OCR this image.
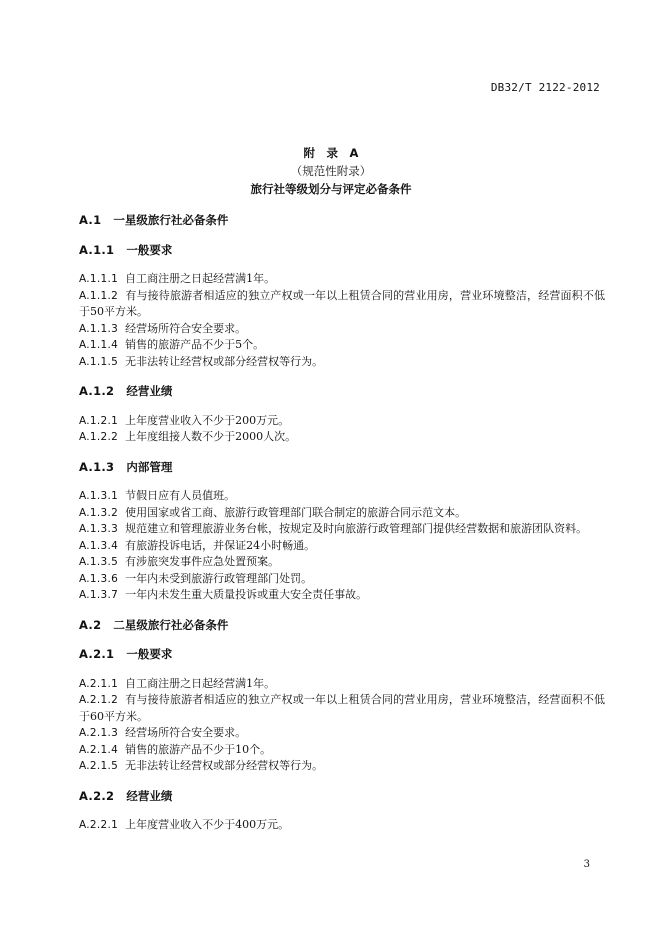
DB32/T 2122-2012
附　录　A
（规范性附录）
旅行社等级划分与评定必备条件

A.1 一星级旅行社必备条件

A.1.1 一般要求

A.1.1.1 自工商注册之日起经营满1年。

A.1.1.2 有与接待旅游者相适应的独立产权或一年以上租赁合同的营业用房，营业环境整洁，经营面积不低于50平方米。

A.1.1.3 经营场所符合安全要求。

A.1.1.4 销售的旅游产品不少于5个。

A.1.1.5 无非法转让经营权或部分经营权等行为。

A.1.2 经营业绩

A.1.2.1 上年度营业收入不少于200万元。

A.1.2.2 上年度组接人数不少于2000人次。

A.1.3 内部管理

A.1.3.1 节假日应有人员值班。

A.1.3.2 使用国家或省工商、旅游行政管理部门联合制定的旅游合同示范文本。

A.1.3.3 规范建立和管理旅游业务台帐，按规定及时向旅游行政管理部门提供经营数据和旅游团队资料。

A.1.3.4 有旅游投诉电话，并保证24小时畅通。

A.1.3.5 有涉旅突发事件应急处置预案。

A.1.3.6 一年内未受到旅游行政管理部门处罚。

A.1.3.7 一年内未发生重大质量投诉或重大安全责任事故。

A.2 二星级旅行社必备条件

A.2.1 一般要求

A.2.1.1 自工商注册之日起经营满1年。

A.2.1.2 有与接待旅游者相适应的独立产权或一年以上租赁合同的营业用房，营业环境整洁，经营面积不低于60平方米。

A.2.1.3 经营场所符合安全要求。

A.2.1.4 销售的旅游产品不少于10个。

A.2.1.5 无非法转让经营权或部分经营权等行为。

A.2.2 经营业绩

A.2.2.1 上年度营业收入不少于400万元。

3
